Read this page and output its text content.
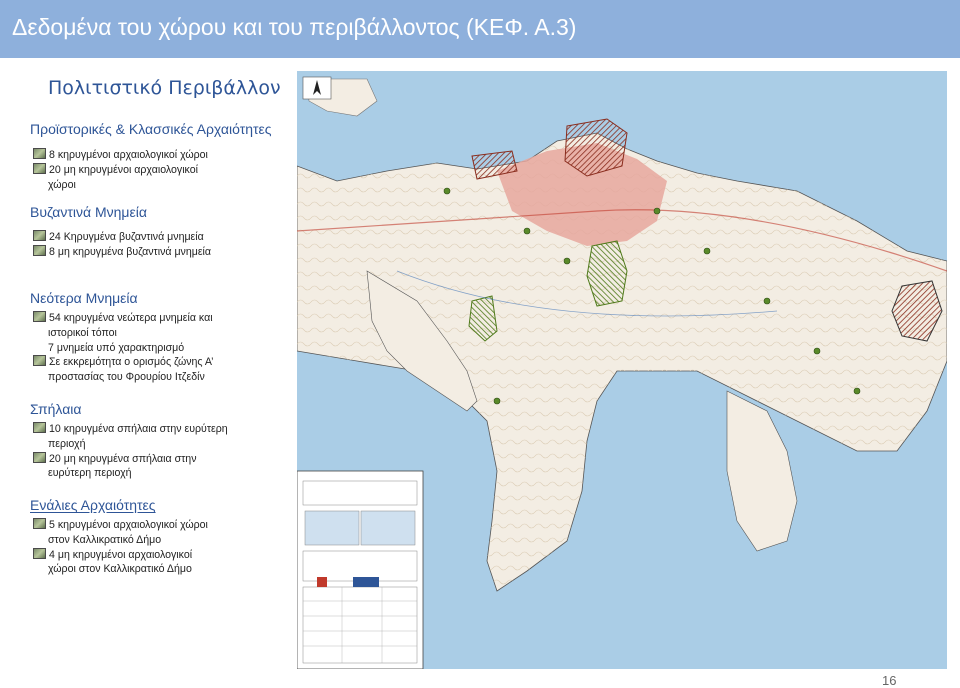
Δεδομένα του χώρου και του περιβάλλοντος (ΚΕΦ. Α.3)
Πολιτιστικό Περιβάλλον
Προϊστορικές & Κλασσικές Αρχαιότητες
8 κηρυγμένοι αρχαιολογικοί χώροι
20 μη κηρυγμένοι αρχαιολογικοί
χώροι
Βυζαντινά Μνημεία
24 Κηρυγμένα βυζαντινά μνημεία
8 μη κηρυγμένα βυζαντινά μνημεία
Νεότερα Μνημεία
54 κηρυγμένα νεώτερα μνημεία και
ιστορικοί τόποι
7 μνημεία υπό χαρακτηρισμό
Σε εκκρεμότητα ο ορισμός ζώνης Α’
προστασίας του Φρουρίου Ιτζεδίν
Σπήλαια
10 κηρυγμένα σπήλαια στην ευρύτερη
περιοχή
20 μη κηρυγμένα σπήλαια στην
ευρύτερη περιοχή
Ενάλιες Αρχαιότητες
5 κηρυγμένοι αρχαιολογικοί χώροι
στον Καλλικρατικό Δήμο
4 μη κηρυγμένοι αρχαιολογικοί
χώροι στον Καλλικρατικό Δήμο
16
